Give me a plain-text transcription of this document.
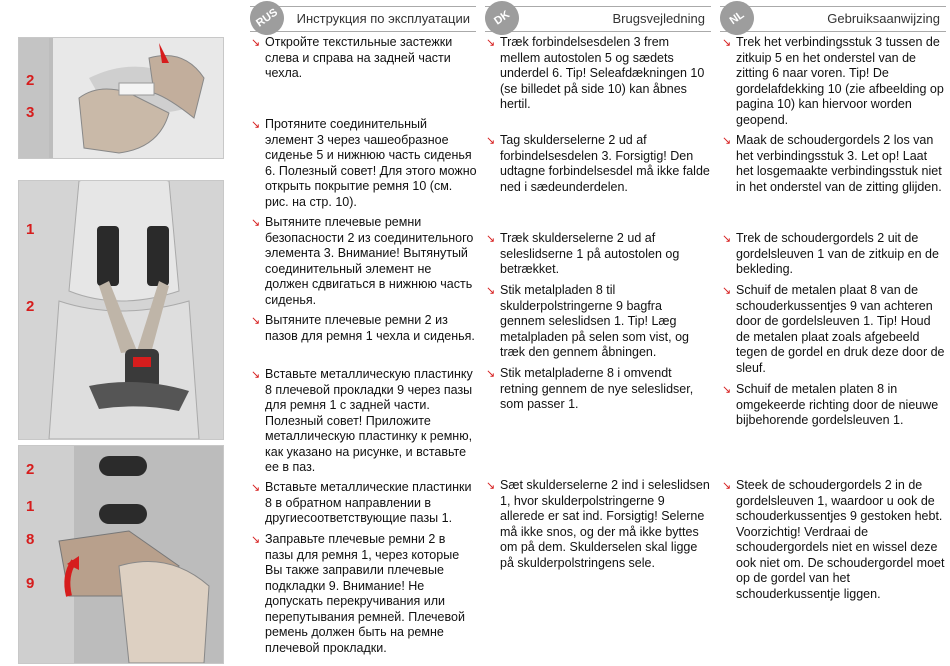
2
3
1
2
2
1
8
9
RUS	Инструкция по эксплуатации
↘ Откройте текстильные застежки слева и справа на задней части чехла.
↘ Протяните соединительный элемент 3 через чашеобразное сиденье 5 и нижнюю часть сиденья 6. Полезный совет! Для этого можно открыть покрытие ремня 10 (см. рис. на стр. 10).
↘ Вытяните плечевые ремни безопасности 2 из соединительного элемента 3. Внимание! Вытянутый соединительный элемент не должен сдвигаться в нижнюю часть сиденья.
↘ Вытяните плечевые ремни 2 из пазов для ремня 1 чехла и сиденья.
↘ Вставьте металлическую пластинку 8 плечевой прокладки 9 через пазы для ремня 1 с задней части. Полезный совет! Приложите металлическую пластинку к ремню, как указано на рисунке, и вставьте ее в паз.
↘ Вставьте металлические пластинки 8 в обратном направлении в другиесоответствующие пазы 1.
↘ Заправьте плечевые ремни 2 в пазы для ремня 1, через которые Вы также заправили плечевые подкладки 9. Внимание! Не допускать перекручивания или перепутывания ремней. Плечевой ремень должен быть на ремне плечевой прокладки.
DK	Brugsvejledning
↘ Træk forbindelsesdelen 3 frem mellem autostolen 5 og sædets underdel 6. Tip! Seleafdækningen 10 (se billedet på side 10) kan åbnes hertil.
↘ Tag skulderselerne 2 ud af forbindelsesdelen 3. Forsigtig! Den udtagne forbindelsesdel må ikke falde ned i sædeunderdelen.
↘ Træk skulderselerne 2 ud af seleslidserne 1 på autostolen og betrækket.
↘ Stik metalpladen 8 til skulderpolstringerne 9 bagfra gennem seleslidsen 1. Tip! Læg metalpladen på selen som vist, og træk den gennem åbningen.
↘ Stik metalpladerne 8 i omvendt retning gennem de nye seleslidser, som passer 1.
↘ Sæt skulderselerne 2 ind i seleslidsen 1, hvor skulderpolstringerne 9 allerede er sat ind. Forsigtig! Selerne må ikke snos, og der må ikke byttes om på dem. Skulderselen skal ligge på skulderpolstringens sele.
NL	Gebruiksaanwijzing
↘ Trek het verbindingsstuk 3 tussen de zitkuip 5 en het onderstel van de zitting 6 naar voren. Tip! De gordelafdekking 10 (zie afbeelding op pagina 10) kan hiervoor worden geopend.
↘ Maak de schoudergordels 2 los van het verbindingsstuk 3. Let op! Laat het losgemaakte verbindingsstuk niet in het onderstel van de zitting glijden.
↘ Trek de schoudergordels 2 uit de gordelsleuven 1 van de zitkuip en de bekleding.
↘ Schuif de metalen plaat 8 van de schouderkussentjes 9 van achteren door de gordelsleuven 1. Tip! Houd de metalen plaat zoals afgebeeld tegen de gordel en druk deze door de sleuf.
↘ Schuif de metalen platen 8 in omgekeerde richting door de nieuwe bijbehorende gordelsleuven 1.
↘ Steek de schoudergordels 2 in de gordelsleuven 1, waardoor u ook de schouderkussentjes 9 gestoken hebt. Voorzichtig! Verdraai de schoudergordels niet en wissel deze ook niet om. De schoudergordel moet op de gordel van het schouderkussentje liggen.
